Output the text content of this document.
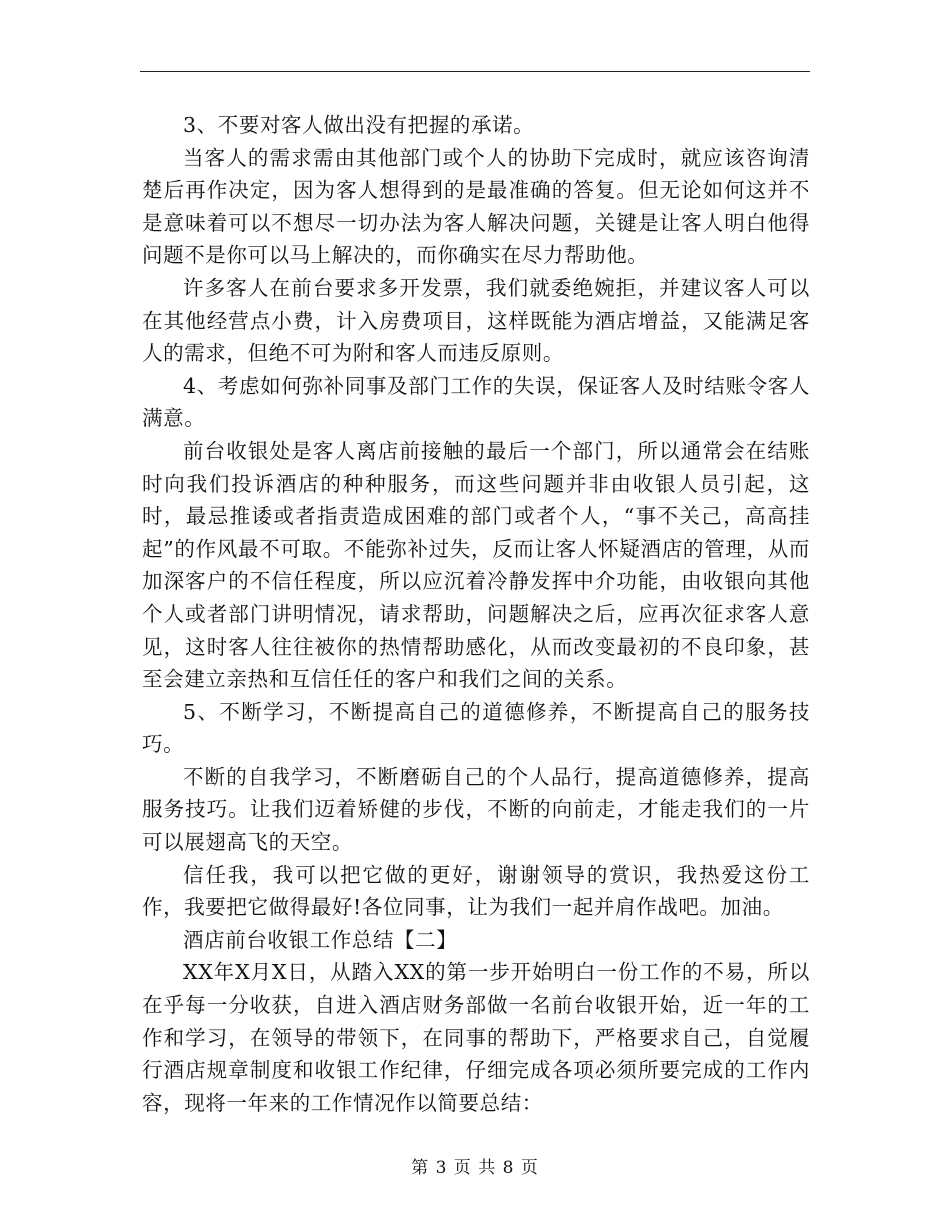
3、不要对客人做出没有把握的承诺。

当客人的需求需由其他部门或个人的协助下完成时，就应该咨询清楚后再作决定，因为客人想得到的是最准确的答复。但无论如何这并不是意味着可以不想尽一切办法为客人解决问题，关键是让客人明白他得问题不是你可以马上解决的，而你确实在尽力帮助他。

许多客人在前台要求多开发票，我们就委绝婉拒，并建议客人可以在其他经营点小费，计入房费项目，这样既能为酒店增益，又能满足客人的需求，但绝不可为附和客人而违反原则。

4、考虑如何弥补同事及部门工作的失误，保证客人及时结账令客人满意。

前台收银处是客人离店前接触的最后一个部门，所以通常会在结账时向我们投诉酒店的种种服务，而这些问题并非由收银人员引起，这时，最忌推诿或者指责造成困难的部门或者个人，“事不关己，高高挂起”的作风最不可取。不能弥补过失，反而让客人怀疑酒店的管理，从而加深客户的不信任程度，所以应沉着冷静发挥中介功能，由收银向其他个人或者部门讲明情况，请求帮助，问题解决之后，应再次征求客人意见，这时客人往往被你的热情帮助感化，从而改变最初的不良印象，甚至会建立亲热和互信任任的客户和我们之间的关系。

5、不断学习，不断提高自己的道德修养，不断提高自己的服务技巧。

不断的自我学习，不断磨砺自己的个人品行，提高道德修养，提高服务技巧。让我们迈着矫健的步伐，不断的向前走，才能走我们的一片可以展翅高飞的天空。

信任我，我可以把它做的更好，谢谢领导的赏识，我热爱这份工作，我要把它做得最好!各位同事，让为我们一起并肩作战吧。加油。

酒店前台收银工作总结【二】

XX年X月X日，从踏入XX的第一步开始明白一份工作的不易，所以在乎每一分收获，自进入酒店财务部做一名前台收银开始，近一年的工作和学习，在领导的带领下，在同事的帮助下，严格要求自己，自觉履行酒店规章制度和收银工作纪律，仔细完成各项必须所要完成的工作内容，现将一年来的工作情况作以简要总结：

第 3 页 共 8 页
